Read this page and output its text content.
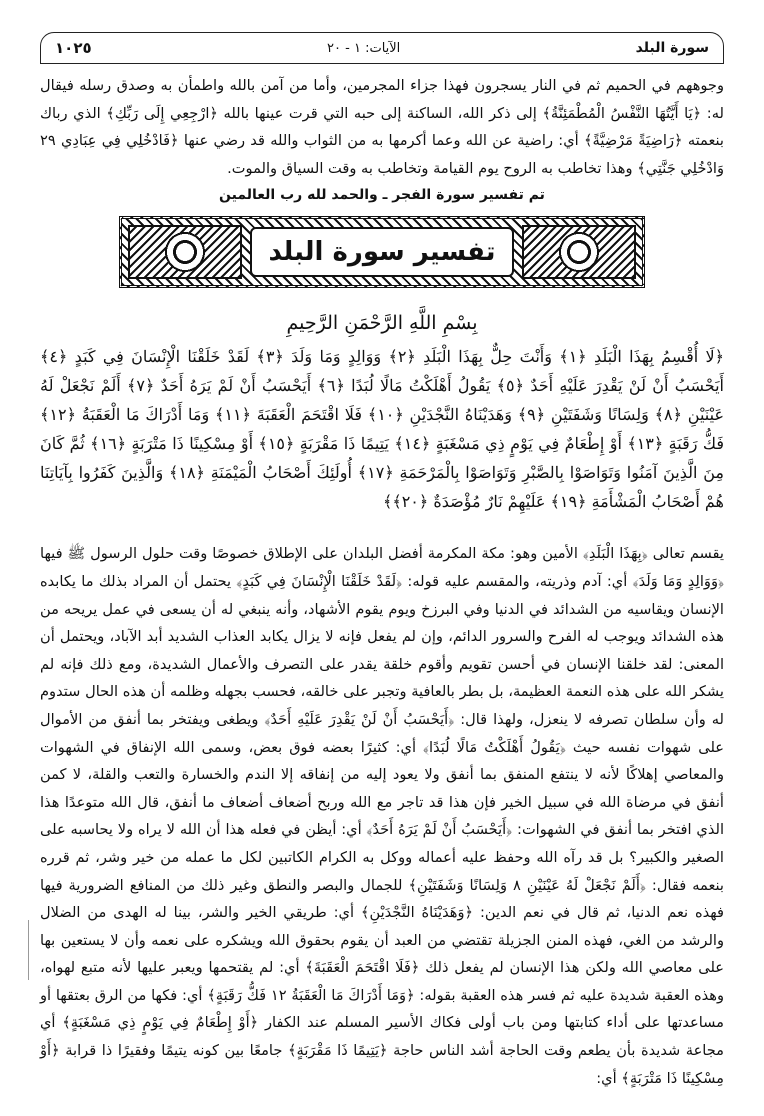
سورة البلد
الآيات: ١ - ٢٠
١٠٢٥

وجوههم في الحميم ثم في النار يسجرون فهذا جزاء المجرمين، وأما من آمن بالله واطمأن به وصدق رسله فيقال له: ﴿يَا أَيَّتُهَا النَّفْسُ الْمُطْمَئِنَّةُ﴾ إلى ذكر الله، الساكنة إلى حبه التي قرت عينها بالله ﴿ارْجِعِي إِلَى رَبِّكِ﴾ الذي رباك بنعمته ﴿رَاضِيَةً مَرْضِيَّةً﴾ أي: راضية عن الله وعما أكرمها به من الثواب والله قد رضي عنها ﴿فَادْخُلِي فِي عِبَادِي ٢٩ وَادْخُلِي جَنَّتِي﴾ وهذا تخاطب به الروح يوم القيامة وتخاطب به وقت السياق والموت.

تم تفسير سورة الفجر ـ والحمد لله رب العالمين
تفسير سورة البلد
بِسْمِ اللَّهِ الرَّحْمَنِ الرَّحِيمِ

﴿لَا أُقْسِمُ بِهَذَا الْبَلَدِ ﴿١﴾ وَأَنْتَ حِلٌّ بِهَذَا الْبَلَدِ ﴿٢﴾ وَوَالِدٍ وَمَا وَلَدَ ﴿٣﴾ لَقَدْ خَلَقْنَا الْإِنْسَانَ فِي كَبَدٍ ﴿٤﴾ أَيَحْسَبُ أَنْ لَنْ يَقْدِرَ عَلَيْهِ أَحَدٌ ﴿٥﴾ يَقُولُ أَهْلَكْتُ مَالًا لُبَدًا ﴿٦﴾ أَيَحْسَبُ أَنْ لَمْ يَرَهُ أَحَدٌ ﴿٧﴾ أَلَمْ نَجْعَلْ لَهُ عَيْنَيْنِ ﴿٨﴾ وَلِسَانًا وَشَفَتَيْنِ ﴿٩﴾ وَهَدَيْنَاهُ النَّجْدَيْنِ ﴿١٠﴾ فَلَا اقْتَحَمَ الْعَقَبَةَ ﴿١١﴾ وَمَا أَدْرَاكَ مَا الْعَقَبَةُ ﴿١٢﴾ فَكُّ رَقَبَةٍ ﴿١٣﴾ أَوْ إِطْعَامٌ فِي يَوْمٍ ذِي مَسْغَبَةٍ ﴿١٤﴾ يَتِيمًا ذَا مَقْرَبَةٍ ﴿١٥﴾ أَوْ مِسْكِينًا ذَا مَتْرَبَةٍ ﴿١٦﴾ ثُمَّ كَانَ مِنَ الَّذِينَ آمَنُوا وَتَوَاصَوْا بِالصَّبْرِ وَتَوَاصَوْا بِالْمَرْحَمَةِ ﴿١٧﴾ أُولَئِكَ أَصْحَابُ الْمَيْمَنَةِ ﴿١٨﴾ وَالَّذِينَ كَفَرُوا بِآيَاتِنَا هُمْ أَصْحَابُ الْمَشْأَمَةِ ﴿١٩﴾ عَلَيْهِمْ نَارٌ مُؤْصَدَةٌ ﴿٢٠﴾﴾

يقسم تعالى ﴿بِهَذَا الْبَلَدِ﴾ الأمين وهو: مكة المكرمة أفضل البلدان على الإطلاق خصوصًا وقت حلول الرسول ﷺ فيها ﴿وَوَالِدٍ وَمَا وَلَدَ﴾ أي: آدم وذريته، والمقسم عليه قوله: ﴿لَقَدْ خَلَقْنَا الْإِنْسَانَ فِي كَبَدٍ﴾ يحتمل أن المراد بذلك ما يكابده الإنسان ويقاسيه من الشدائد في الدنيا وفي البرزخ ويوم يقوم الأشهاد، وأنه ينبغي له أن يسعى في عمل يريحه من هذه الشدائد ويوجب له الفرح والسرور الدائم، وإن لم يفعل فإنه لا يزال يكابد العذاب الشديد أبد الآباد، ويحتمل أن المعنى: لقد خلقنا الإنسان في أحسن تقويم وأقوم خلقة يقدر على التصرف والأعمال الشديدة، ومع ذلك فإنه لم يشكر الله على هذه النعمة العظيمة، بل بطر بالعافية وتجبر على خالقه، فحسب بجهله وظلمه أن هذه الحال ستدوم له وأن سلطان تصرفه لا ينعزل، ولهذا قال: ﴿أَيَحْسَبُ أَنْ لَنْ يَقْدِرَ عَلَيْهِ أَحَدٌ﴾ ويطغى ويفتخر بما أنفق من الأموال على شهوات نفسه حيث ﴿يَقُولُ أَهْلَكْتُ مَالًا لُبَدًا﴾ أي: كثيرًا بعضه فوق بعض، وسمى الله الإنفاق في الشهوات والمعاصي إهلاكًا لأنه لا ينتفع المنفق بما أنفق ولا يعود إليه من إنفاقه إلا الندم والخسارة والتعب والقلة، لا كمن أنفق في مرضاة الله في سبيل الخير فإن هذا قد تاجر مع الله وربح أضعاف أضعاف ما أنفق، قال الله متوعدًا هذا الذي افتخر بما أنفق في الشهوات: ﴿أَيَحْسَبُ أَنْ لَمْ يَرَهُ أَحَدٌ﴾ أي: أيظن في فعله هذا أن الله لا يراه ولا يحاسبه على الصغير والكبير؟ بل قد رآه الله وحفظ عليه أعماله ووكل به الكرام الكاتبين لكل ما عمله من خير وشر، ثم قرره بنعمه فقال: ﴿أَلَمْ نَجْعَلْ لَهُ عَيْنَيْنِ ٨ وَلِسَانًا وَشَفَتَيْنِ﴾ للجمال والبصر والنطق وغير ذلك من المنافع الضرورية فيها فهذه نعم الدنيا، ثم قال في نعم الدين: ﴿وَهَدَيْنَاهُ النَّجْدَيْنِ﴾ أي: طريقي الخير والشر، بينا له الهدى من الضلال والرشد من الغي، فهذه المنن الجزيلة تقتضي من العبد أن يقوم بحقوق الله ويشكره على نعمه وأن لا يستعين بها على معاصي الله ولكن هذا الإنسان لم يفعل ذلك ﴿فَلَا اقْتَحَمَ الْعَقَبَةَ﴾ أي: لم يقتحمها ويعبر عليها لأنه متبع لهواه، وهذه العقبة شديدة عليه ثم فسر هذه العقبة بقوله: ﴿وَمَا أَدْرَاكَ مَا الْعَقَبَةُ ١٢ فَكُّ رَقَبَةٍ﴾ أي: فكها من الرق بعتقها أو مساعدتها على أداء كتابتها ومن باب أولى فكاك الأسير المسلم عند الكفار ﴿أَوْ إِطْعَامٌ فِي يَوْمٍ ذِي مَسْغَبَةٍ﴾ أي مجاعة شديدة بأن يطعم وقت الحاجة أشد الناس حاجة ﴿يَتِيمًا ذَا مَقْرَبَةٍ﴾ جامعًا بين كونه يتيمًا وفقيرًا ذا قرابة ﴿أَوْ مِسْكِينًا ذَا مَتْرَبَةٍ﴾ أي:
